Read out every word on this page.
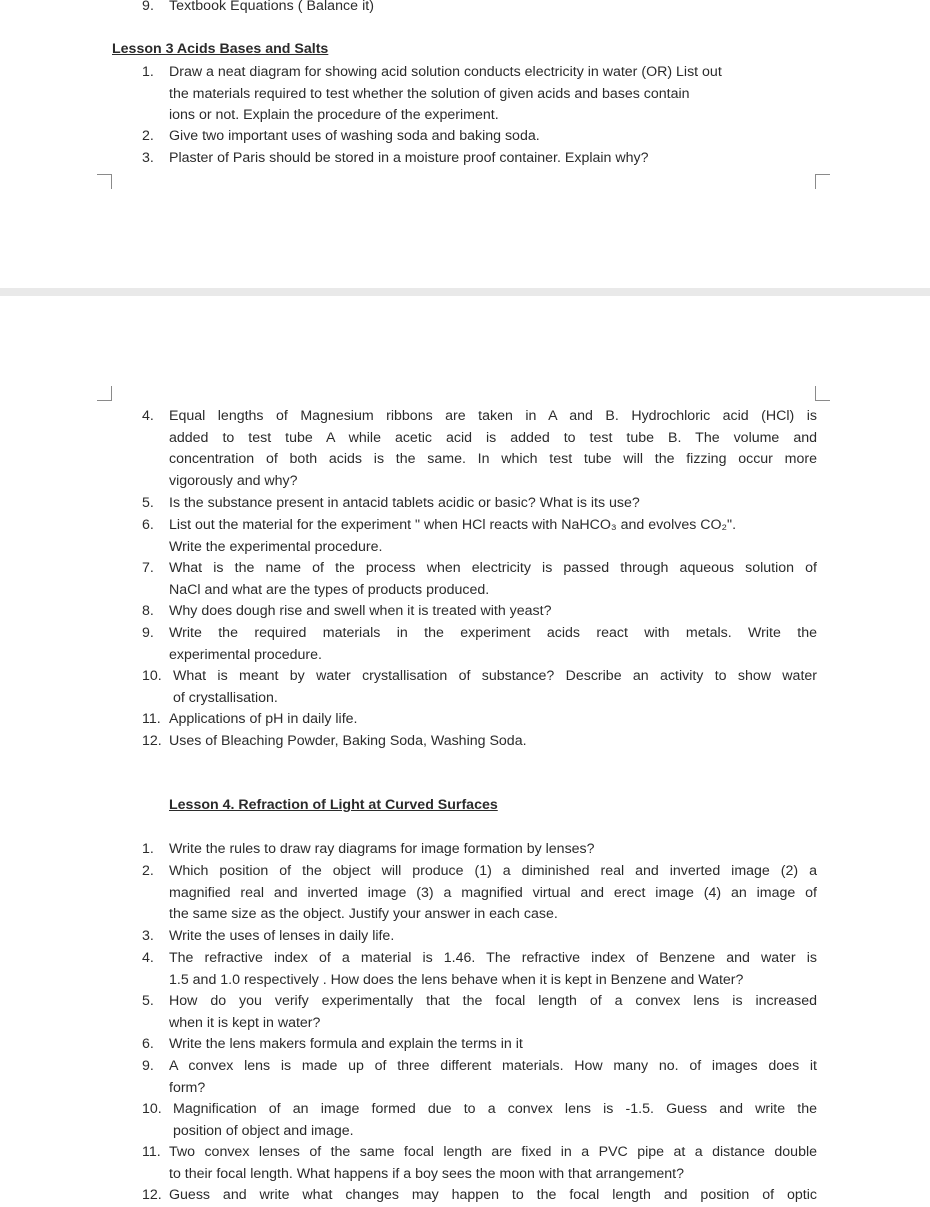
9. Textbook Equations ( Balance it)
Lesson 3 Acids Bases and Salts
1. Draw a neat diagram for showing acid solution conducts electricity in water (OR) List out
the materials required to test whether the solution of given acids and bases contain
ions or not. Explain the procedure of the experiment.
2. Give two important uses of washing soda and baking soda.
3. Plaster of Paris should be stored in a moisture proof container. Explain why?
4. Equal lengths of Magnesium ribbons are taken in A and B. Hydrochloric acid (HCl) is
added to test tube A while acetic acid is added to test tube B. The volume and
concentration of both acids is the same. In which test tube will the fizzing occur more
vigorously and why?
5. Is the substance present in antacid tablets acidic or basic? What is its use?
6. List out the material for the experiment " when HCl reacts with NaHCO₃ and evolves CO₂".
Write the experimental procedure.
7. What is the name of the process when electricity is passed through aqueous solution of
NaCl and what are the types of products produced.
8. Why does dough rise and swell when it is treated with yeast?
9. Write the required materials in the experiment acids react with metals. Write the
experimental procedure.
10. What is meant by water crystallisation of substance? Describe an activity to show water
of crystallisation.
11. Applications of pH in daily life.
12. Uses of Bleaching Powder, Baking Soda, Washing Soda.
Lesson 4. Refraction of Light at Curved Surfaces
1. Write the rules to draw ray diagrams for image formation by lenses?
2. Which position of the object will produce (1) a diminished real and inverted image (2) a
magnified real and inverted image (3) a magnified virtual and erect image (4) an image of
the same size as the object. Justify your answer in each case.
3. Write the uses of lenses in daily life.
4. The refractive index of a material is 1.46. The refractive index of Benzene and water is
1.5 and 1.0 respectively . How does the lens behave when it is kept in Benzene and Water?
5. How do you verify experimentally that the focal length of a convex lens is increased
when it is kept in water?
6. Write the lens makers formula and explain the terms in it
9. A convex lens is made up of three different materials. How many no. of images does it
form?
10. Magnification of an image formed due to a convex lens is -1.5. Guess and write the
position of object and image.
11. Two convex lenses of the same focal length are fixed in a PVC pipe at a distance double
to their focal length. What happens if a boy sees the moon with that arrangement?
12. Guess and write what changes may happen to the focal length and position of optic
